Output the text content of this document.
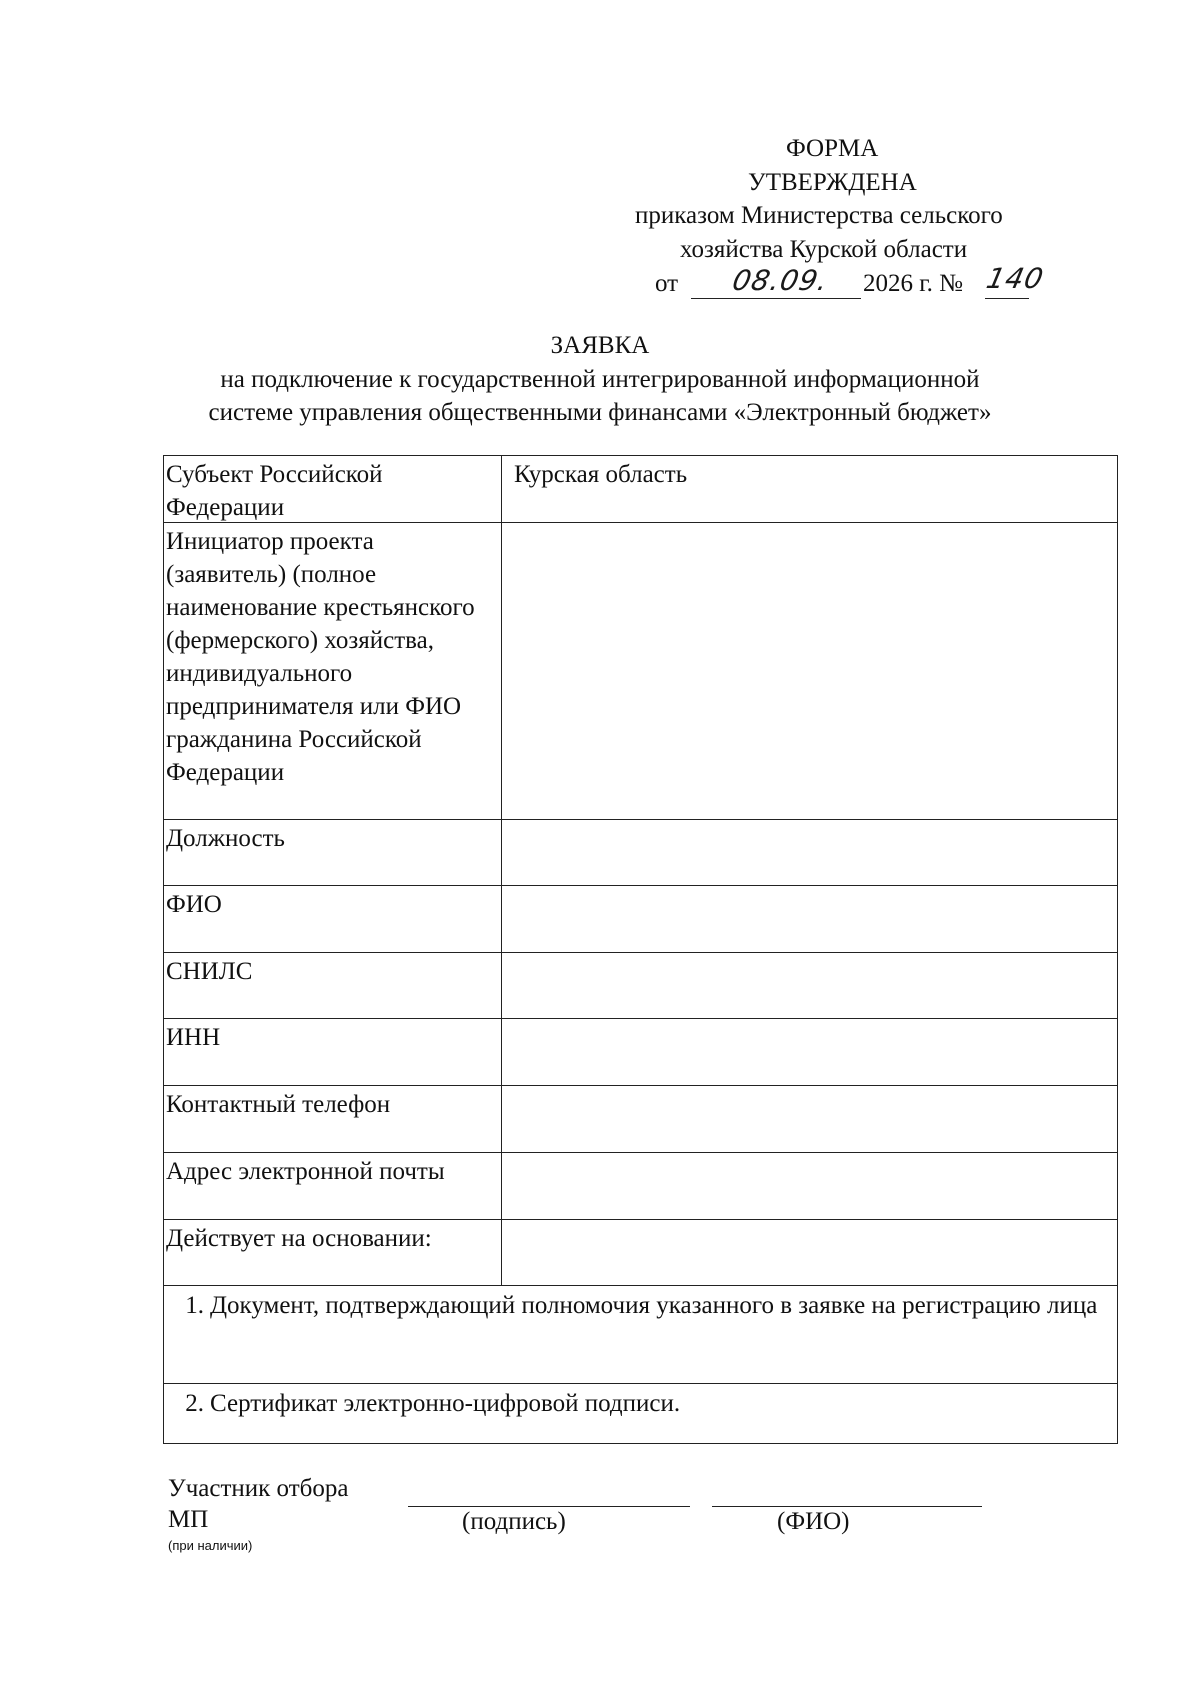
ФОРМА
УТВЕРЖДЕНА
приказом Министерства сельского
хозяйства Курской области
от 08.09. 2026 г. № 140
ЗАЯВКА
на подключение к государственной интегрированной информационной
системе управления общественными финансами «Электронный бюджет»
Субъект Российской Федерации
Курская область
Инициатор проекта (заявитель) (полное наименование крестьянского (фермерского) хозяйства, индивидуального предпринимателя или ФИО гражданина Российской Федерации
Должность
ФИО
СНИЛС
ИНН
Контактный телефон
Адрес электронной почты
Действует на основании:
1. Документ, подтверждающий полномочия указанного в заявке на регистрацию лица
2. Сертификат электронно-цифровой подписи.
Участник отбора
МП	(подпись)	(ФИО)
(при наличии)
